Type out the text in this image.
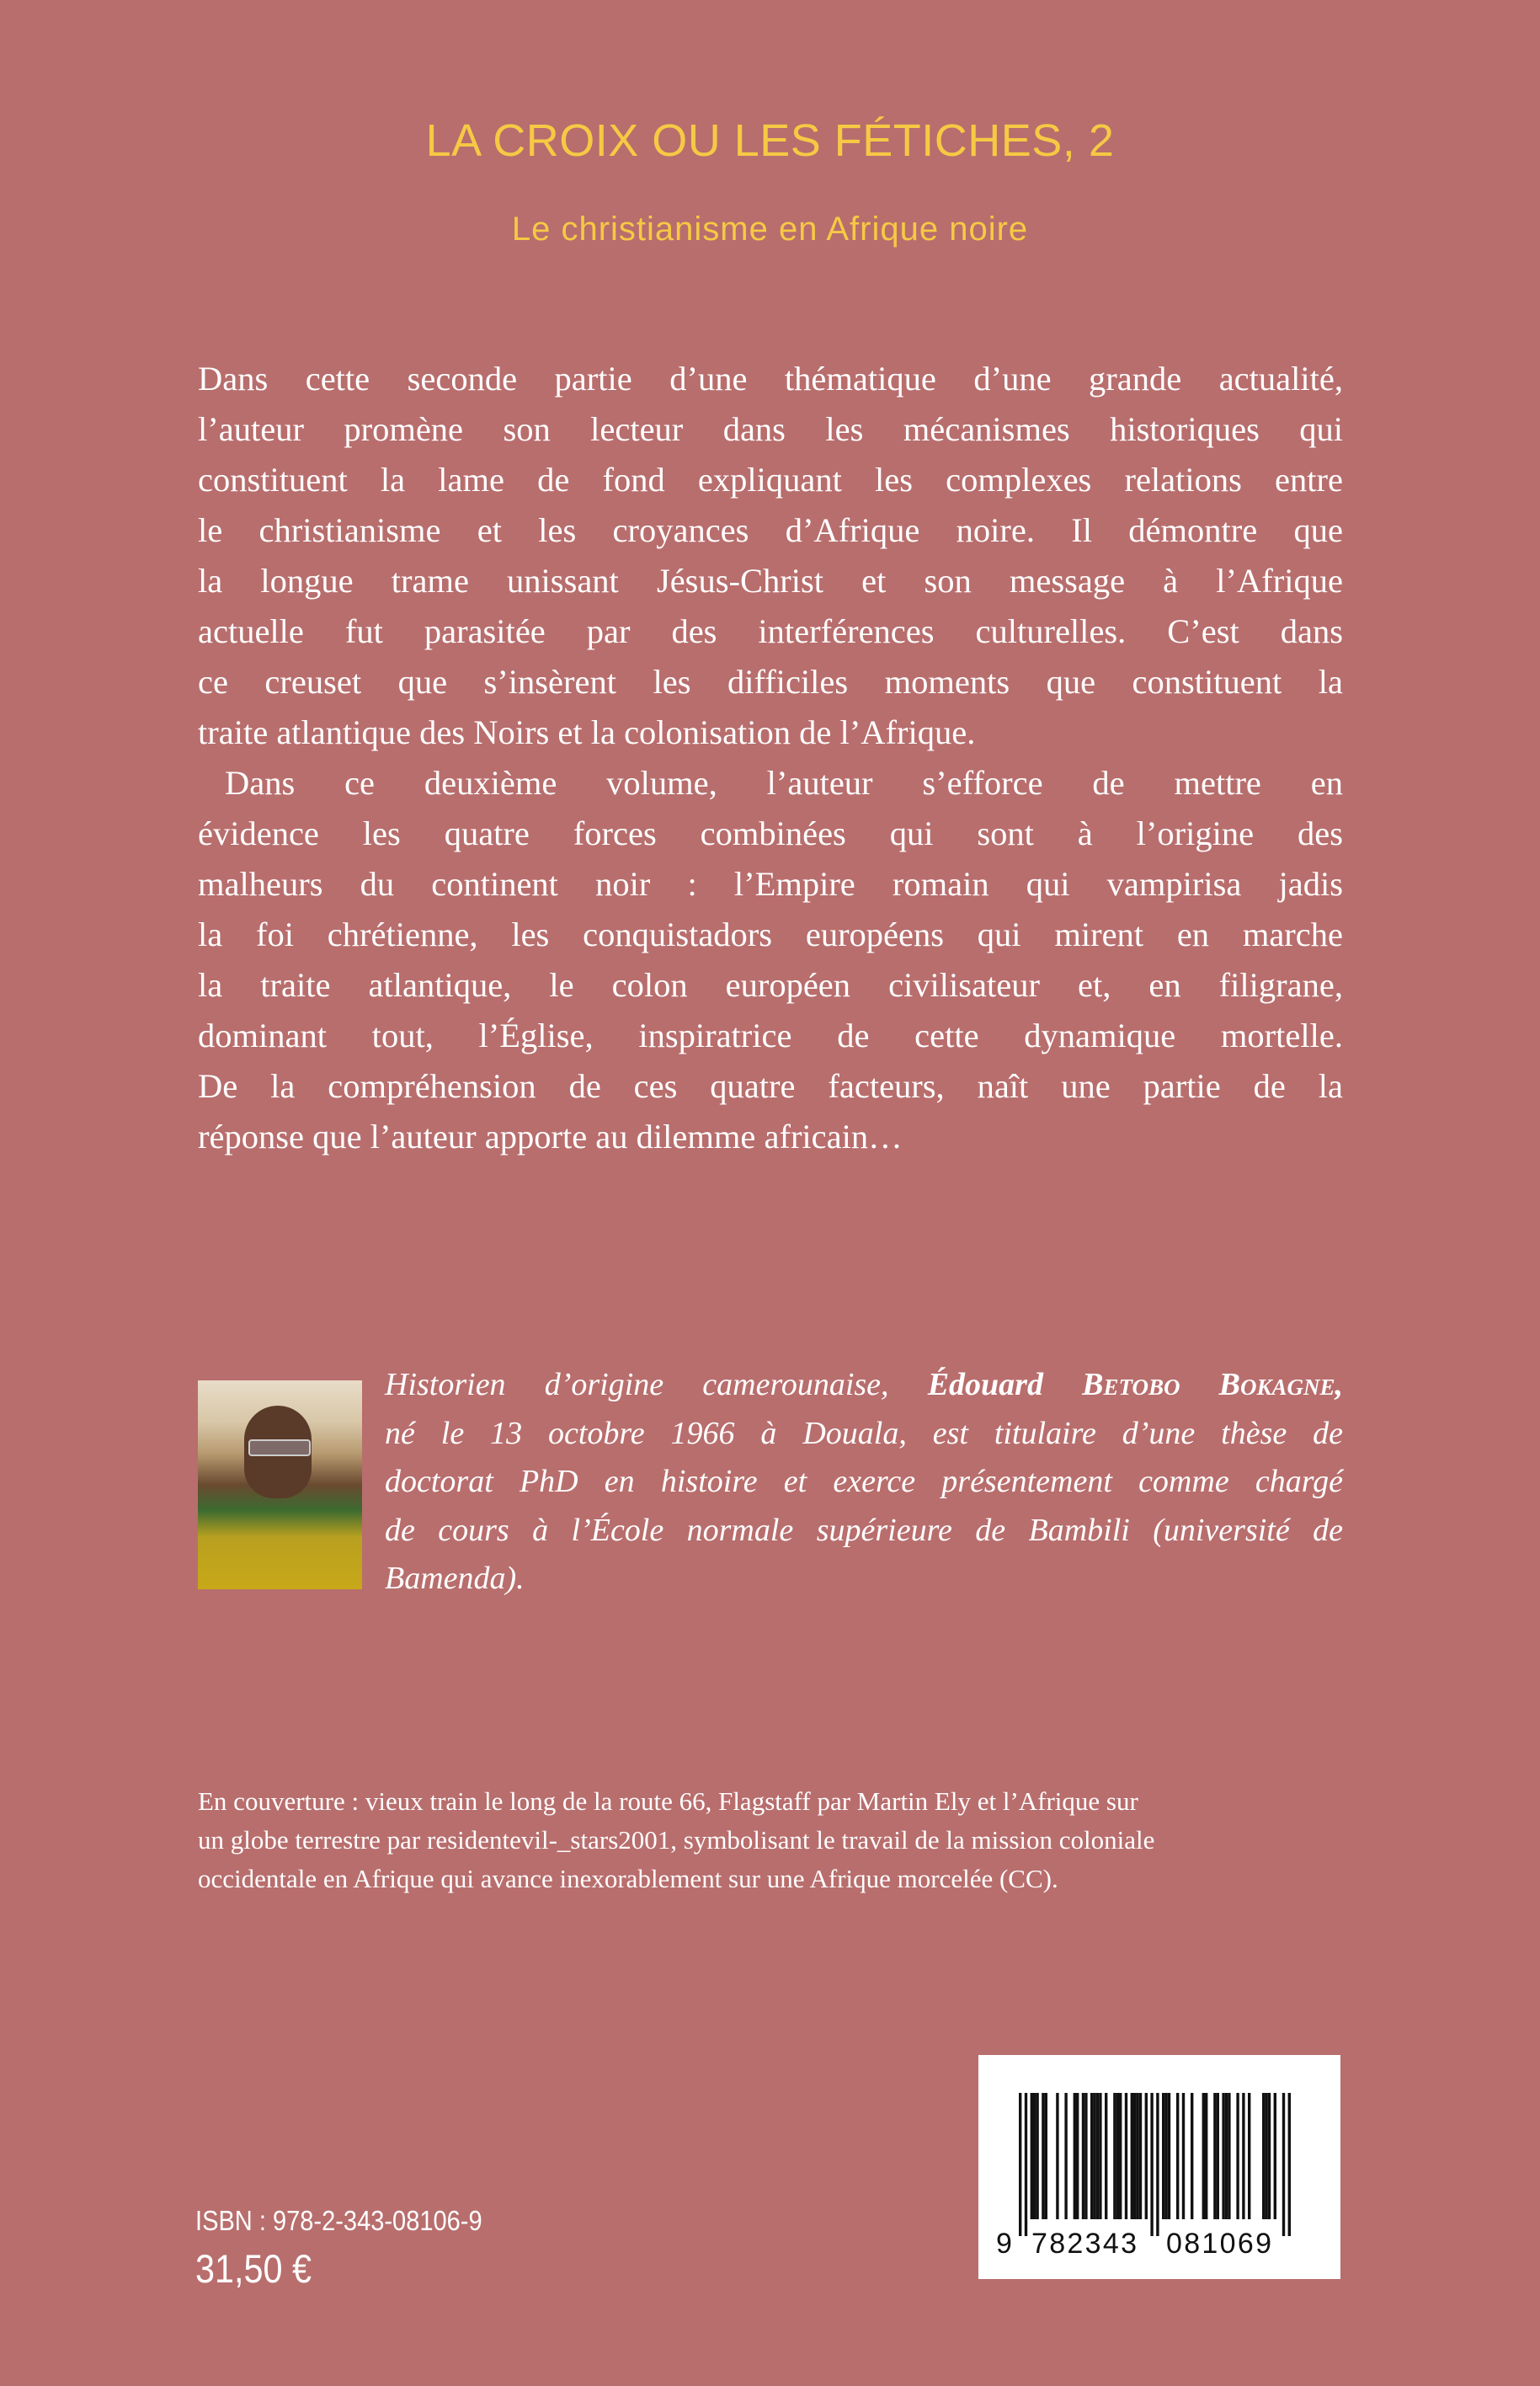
LA CROIX OU LES FÉTICHES, 2
Le christianisme en Afrique noire
Dans cette seconde partie d’une thématique d’une grande actualité,
l’auteur promène son lecteur dans les mécanismes historiques qui
constituent la lame de fond expliquant les complexes relations entre
le christianisme et les croyances d’Afrique noire. Il démontre que
la longue trame unissant Jésus-Christ et son message à l’Afrique
actuelle fut parasitée par des interférences culturelles. C’est dans
ce creuset que s’insèrent les difficiles moments que constituent la
traite atlantique des Noirs et la colonisation de l’Afrique.
Dans ce deuxième volume, l’auteur s’efforce de mettre en
évidence les quatre forces combinées qui sont à l’origine des
malheurs du continent noir : l’Empire romain qui vampirisa jadis
la foi chrétienne, les conquistadors européens qui mirent en marche
la traite atlantique, le colon européen civilisateur et, en filigrane,
dominant tout, l’Église, inspiratrice de cette dynamique mortelle.
De la compréhension de ces quatre facteurs, naît une partie de la
réponse que l’auteur apporte au dilemme africain…
Historien d’origine camerounaise, Édouard Betobo Bokagne,
né le 13 octobre 1966 à Douala, est titulaire d’une thèse de
doctorat PhD en histoire et exerce présentement comme chargé
de cours à l’École normale supérieure de Bambili (université de
Bamenda).
En couverture : vieux train le long de la route 66, Flagstaff par Martin Ely et l’Afrique sur
un globe terrestre par residentevil-_stars2001, symbolisant le travail de la mission coloniale
occidentale en Afrique qui avance inexorablement sur une Afrique morcelée (CC).
9 782343 081069
ISBN : 978-2-343-08106-9
31,50 €
